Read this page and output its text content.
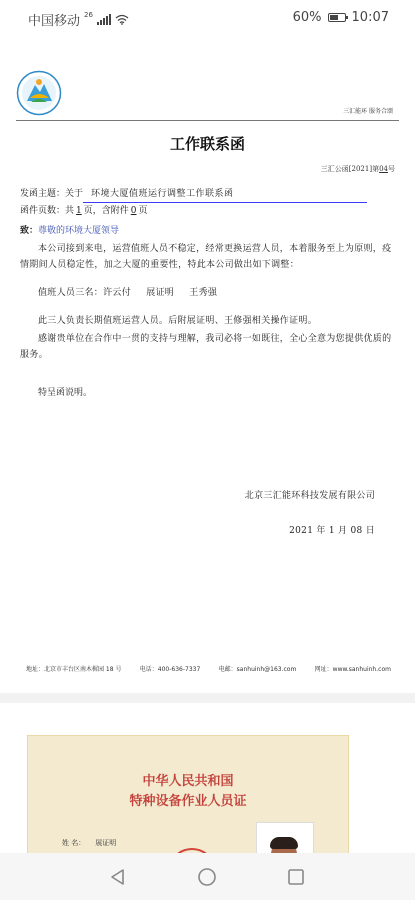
中国移动 26	60% 10:07
三汇能环 服务合颂
工作联系函
三汇公函[2021]第04号
发函主题：关于 环境大厦值班运行调整工作联系函
函件页数：共 1 页，含附件 0 页
致：尊敬的环境大厦领导

本公司接到来电，运营值班人员不稳定，经常更换运营人员，本着服务至上为原则，疫情期间人员稳定性，加之大厦的重要性，特此本公司做出如下调整：

值班人员三名：许云付 展证明 王秀强

此三人负责长期值班运营人员。后附展证明、王修强相关操作证明。

感谢贵单位在合作中一贯的支持与理解，我司必将一如既往，全心全意为您提供优质的服务。

特呈函说明。
北京三汇能环科技发展有限公司
2021 年 1 月 08 日
地址：北京市丰台区南木樨园 18 号	电话：400-636-7337	电邮：sanhuinh@163.com	网址：www.sanhuinh.com
中华人民共和国
特种设备作业人员证
姓 名： 展证明
